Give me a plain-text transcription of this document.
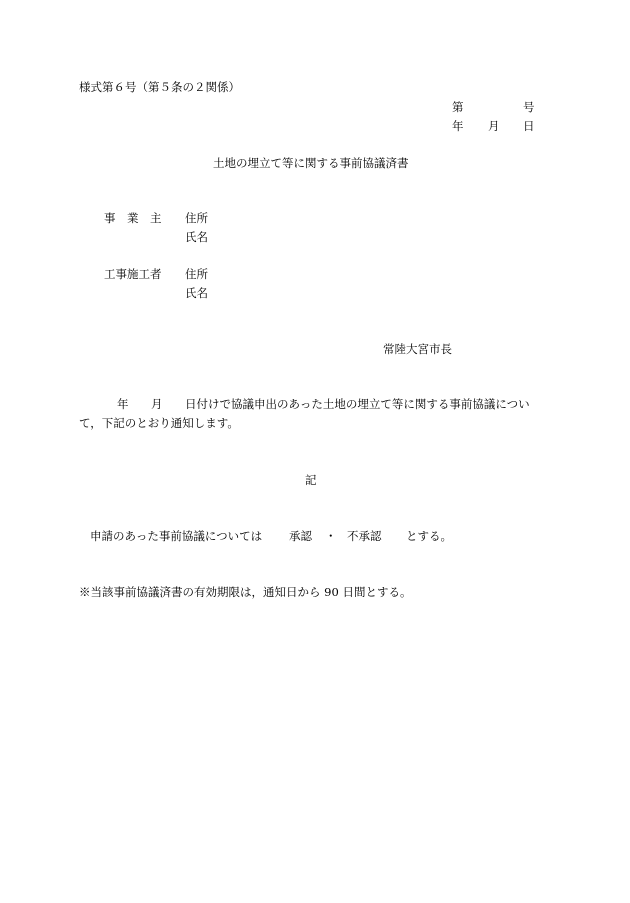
様式第６号（第５条の２関係）
第	号
年 月 日
土地の埋立て等に関する事前協議済書
事　業　主 住所
氏名
工事施工者 住所
氏名
常陸大宮市長
年 月 日付けで協議申出のあった土地の埋立て等に関する事前協議につい
て，下記のとおり通知します。
記
申請のあった事前協議については 承認 ・ 不承認 とする。
※当該事前協議済書の有効期限は，通知日から 90 日間とする。
